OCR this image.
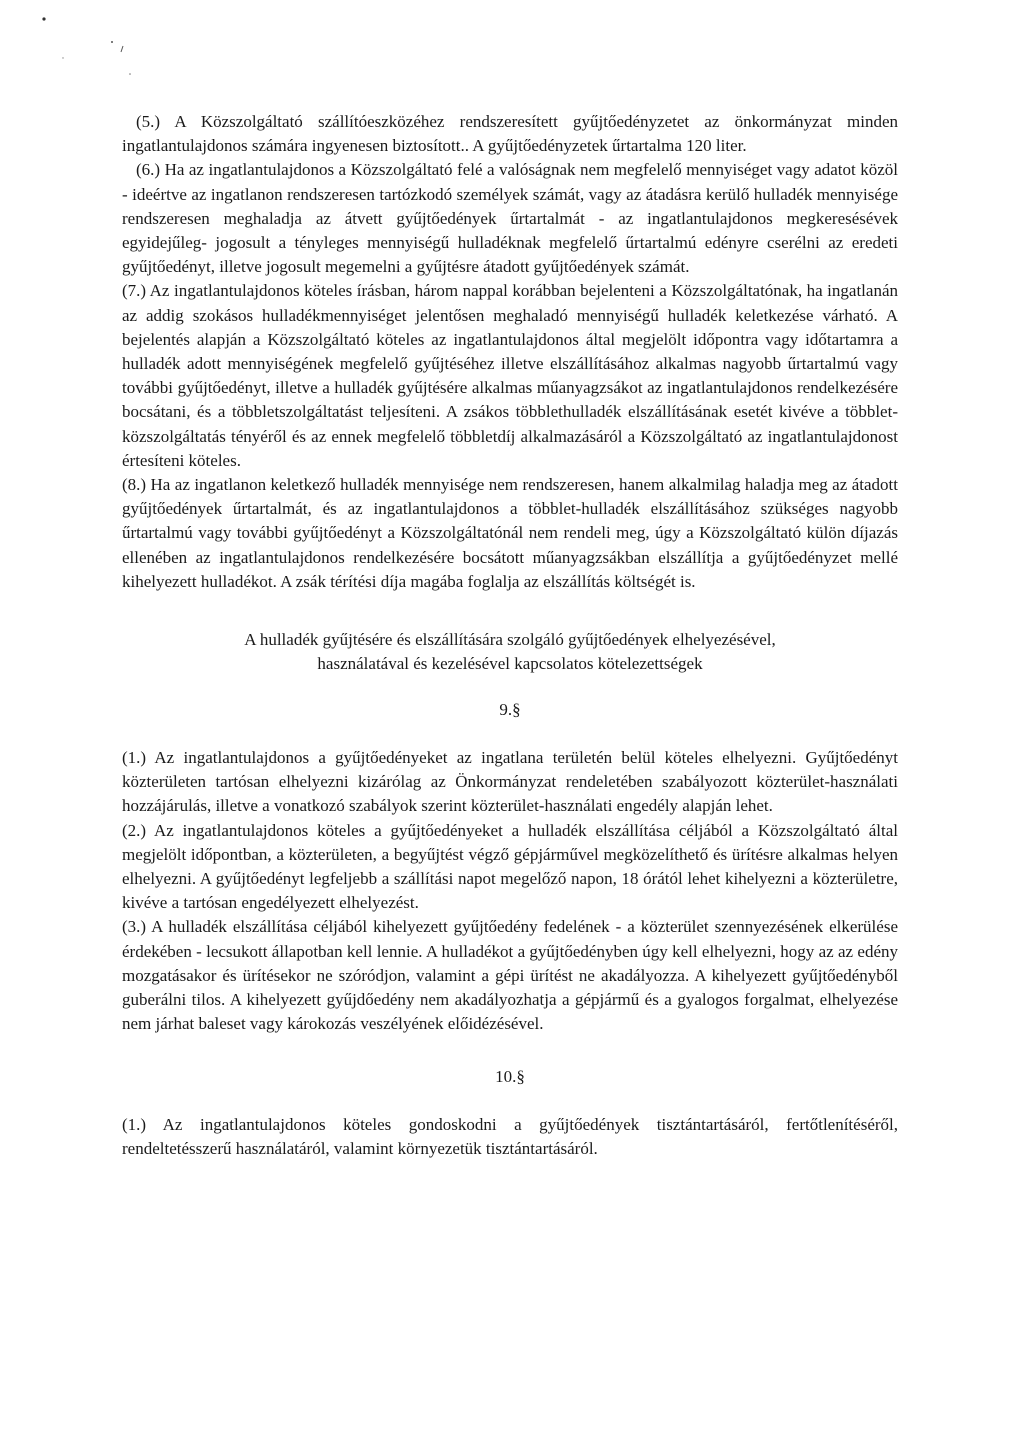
(5.) A Közszolgáltató szállítóeszközéhez rendszeresített gyűjtőedényzetet az önkormányzat minden ingatlantulajdonos számára ingyenesen biztosított.. A gyűjtőedényzetek űrtartalma 120 liter.

(6.) Ha az ingatlantulajdonos a Közszolgáltató felé a valóságnak nem megfelelő mennyiséget vagy adatot közöl - ideértve az ingatlanon rendszeresen tartózkodó személyek számát, vagy az átadásra kerülő hulladék mennyisége rendszeresen meghaladja az átvett gyűjtőedények űrtartalmát - az ingatlantulajdonos megkeresésévek egyidejűleg- jogosult a tényleges mennyiségű hulladéknak megfelelő űrtartalmú edényre cserélni az eredeti gyűjtőedényt, illetve jogosult megemelni a gyűjtésre átadott gyűjtőedények számát.

(7.) Az ingatlantulajdonos köteles írásban, három nappal korábban bejelenteni a Közszolgáltatónak, ha ingatlanán az addig szokásos hulladékmennyiséget jelentősen meghaladó mennyiségű hulladék keletkezése várható. A bejelentés alapján a Közszolgáltató köteles az ingatlantulajdonos által megjelölt időpontra vagy időtartamra a hulladék adott mennyiségének megfelelő gyűjtéséhez illetve elszállításához alkalmas nagyobb űrtartalmú vagy további gyűjtőedényt, illetve a hulladék gyűjtésére alkalmas műanyagzsákot az ingatlantulajdonos rendelkezésére bocsátani, és a többletszolgáltatást teljesíteni. A zsákos többlethulladék elszállításának esetét kivéve a többlet-közszolgáltatás tényéről és az ennek megfelelő többletdíj alkalmazásáról a Közszolgáltató az ingatlantulajdonost értesíteni köteles.

(8.) Ha az ingatlanon keletkező hulladék mennyisége nem rendszeresen, hanem alkalmilag haladja meg az átadott gyűjtőedények űrtartalmát, és az ingatlantulajdonos a többlet-hulladék elszállításához szükséges nagyobb űrtartalmú vagy további gyűjtőedényt a Közszolgáltatónál nem rendeli meg, úgy a Közszolgáltató külön díjazás ellenében az ingatlantulajdonos rendelkezésére bocsátott műanyagzsákban elszállítja a gyűjtőedényzet mellé kihelyezett hulladékot. A zsák térítési díja magába foglalja az elszállítás költségét is.

A hulladék gyűjtésére és elszállítására szolgáló gyűjtőedények elhelyezésével,
használatával és kezelésével kapcsolatos kötelezettségek
9.§

(1.) Az ingatlantulajdonos a gyűjtőedényeket az ingatlana területén belül köteles elhelyezni. Gyűjtőedényt közterületen tartósan elhelyezni kizárólag az Önkormányzat rendeletében szabályozott közterület-használati hozzájárulás, illetve a vonatkozó szabályok szerint közterület-használati engedély alapján lehet.

(2.) Az ingatlantulajdonos köteles a gyűjtőedényeket a hulladék elszállítása céljából a Közszolgáltató által megjelölt időpontban, a közterületen, a begyűjtést végző gépjárművel megközelíthető és ürítésre alkalmas helyen elhelyezni. A gyűjtőedényt legfeljebb a szállítási napot megelőző napon, 18 órától lehet kihelyezni a közterületre, kivéve a tartósan engedélyezett elhelyezést.

(3.) A hulladék elszállítása céljából kihelyezett gyűjtőedény fedelének - a közterület szennyezésének elkerülése érdekében - lecsukott állapotban kell lennie. A hulladékot a gyűjtőedényben úgy kell elhelyezni, hogy az az edény mozgatásakor és ürítésekor ne szóródjon, valamint a gépi ürítést ne akadályozza. A kihelyezett gyűjtőedényből guberálni tilos. A kihelyezett gyűjdőedény nem akadályozhatja a gépjármű és a gyalogos forgalmat, elhelyezése nem járhat baleset vagy károkozás veszélyének előidézésével.

10.§

(1.) Az ingatlantulajdonos köteles gondoskodni a gyűjtőedények tisztántartásáról, fertőtlenítéséről, rendeltetésszerű használatáról, valamint környezetük tisztántartásáról.
